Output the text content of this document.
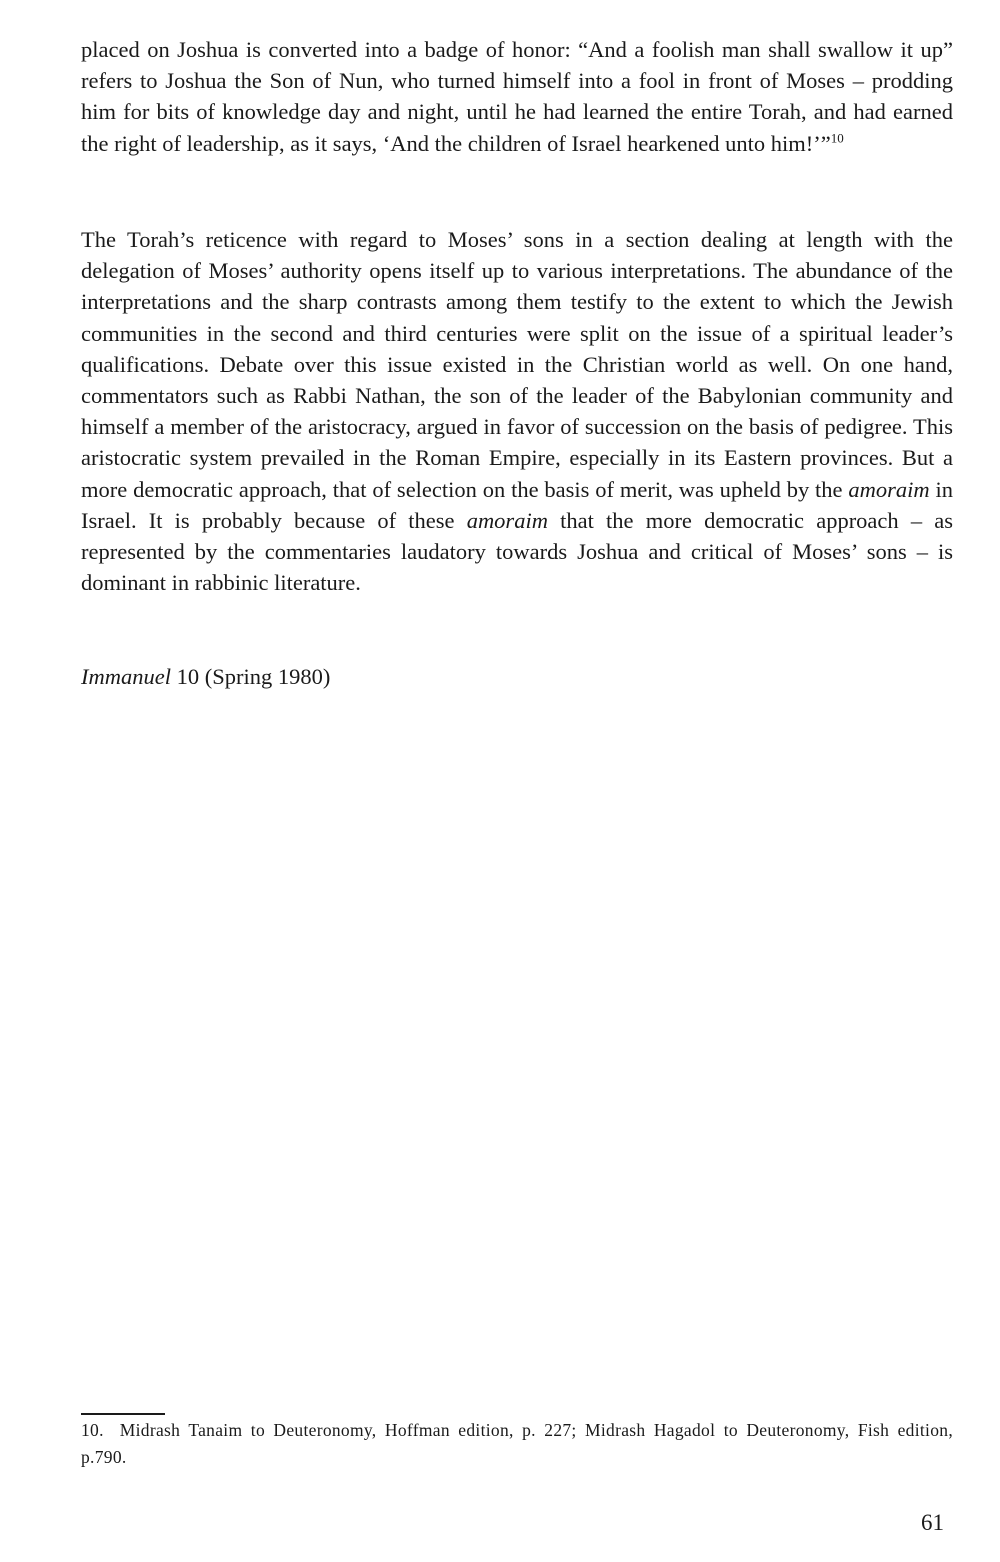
placed on Joshua is converted into a badge of honor: “And a foolish man shall swallow it up” refers to Joshua the Son of Nun, who turned himself into a fool in front of Moses – prodding him for bits of knowledge day and night, until he had learned the entire Torah, and had earned the right of leadership, as it says, ‘And the children of Israel hearkened unto him!’”$^{10}$

The Torah’s reticence with regard to Moses’ sons in a section dealing at length with the delegation of Moses’ authority opens itself up to various interpretations. The abundance of the interpretations and the sharp contrasts among them testify to the extent to which the Jewish communities in the second and third centuries were split on the issue of a spiritual leader’s qualifications. Debate over this issue existed in the Christian world as well. On one hand, commentators such as Rabbi Nathan, the son of the leader of the Babylonian community and himself a member of the aristocracy, argued in favor of succession on the basis of pedigree. This aristocratic system prevailed in the Roman Empire, especially in its Eastern provinces. But a more democratic approach, that of selection on the basis of merit, was upheld by the amoraim in Israel. It is probably because of these amoraim that the more democratic approach – as represented by the commentaries laudatory towards Joshua and critical of Moses’ sons – is dominant in rabbinic literature.

Immanuel 10 (Spring 1980)

10. Midrash Tanaim to Deuteronomy, Hoffman edition, p. 227; Midrash Hagadol to Deuteronomy, Fish edition, p.790.

61
